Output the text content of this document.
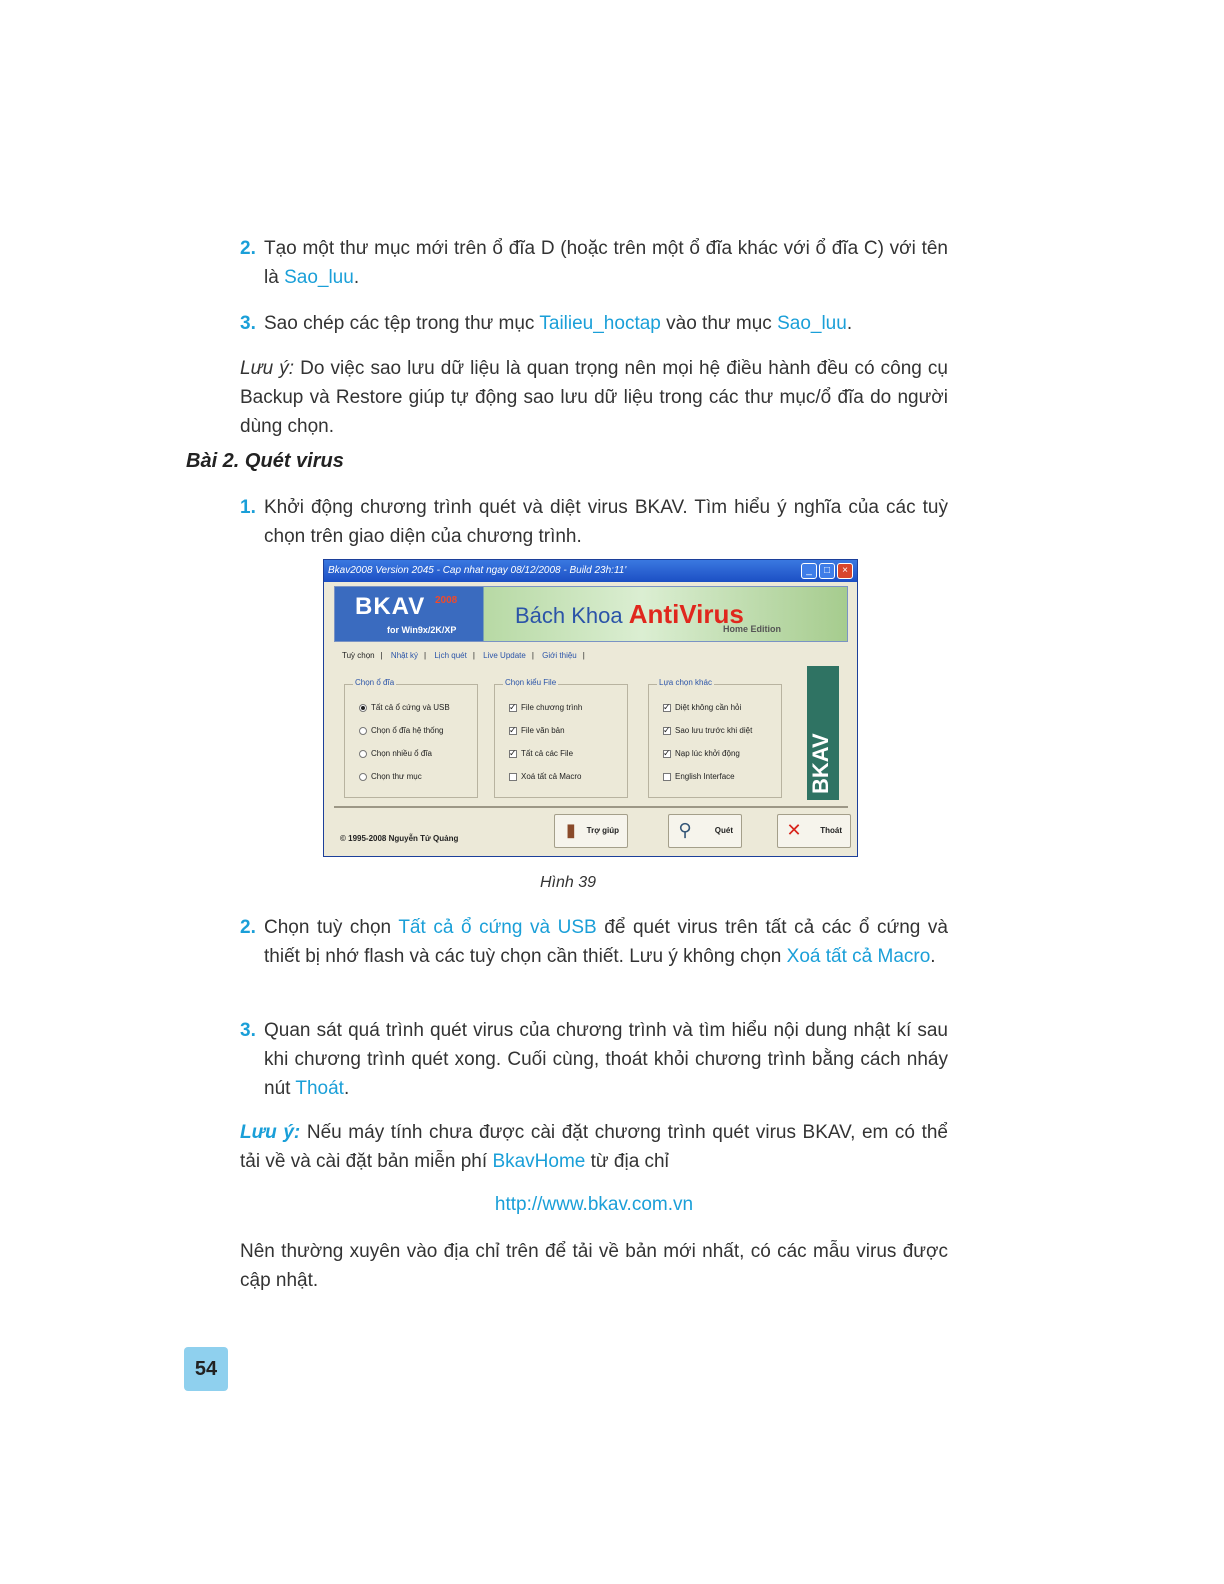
2. Tạo một thư mục mới trên ổ đĩa D (hoặc trên một ổ đĩa khác với ổ đĩa C) với tên là Sao_luu.
3. Sao chép các tệp trong thư mục Tailieu_hoctap vào thư mục Sao_luu.
Lưu ý: Do việc sao lưu dữ liệu là quan trọng nên mọi hệ điều hành đều có công cụ Backup và Restore giúp tự động sao lưu dữ liệu trong các thư mục/ổ đĩa do người dùng chọn.
Bài 2. Quét virus
1. Khởi động chương trình quét và diệt virus BKAV. Tìm hiểu ý nghĩa của các tuỳ chọn trên giao diện của chương trình.
Bkav2008 Version 2045 - Cap nhat ngay 08/12/2008 - Build 23h:11'	_	□	×
BKAV 2008
for Win9x/2K/XP
Bách Khoa AntiVirus
Home Edition
Tuỳ chọn | Nhật ký | Lịch quét | Live Update | Giới thiệu |
Chọn ổ đĩa
Tất cả ổ cứng và USB
Chọn ổ đĩa hệ thống
Chọn nhiều ổ đĩa
Chọn thư mục
Chọn kiểu File
✓File chương trình
✓File văn bản
✓Tất cả các File
Xoá tất cả Macro
Lựa chọn khác
✓Diệt không cần hỏi
✓Sao lưu trước khi diệt
✓Nạp lúc khởi động
English Interface	BKAV
© 1995-2008 Nguyễn Tử Quảng	▮	Trợ giúp	⚲	Quét	✕	Thoát
Hình 39
2. Chọn tuỳ chọn Tất cả ổ cứng và USB để quét virus trên tất cả các ổ cứng và thiết bị nhớ flash và các tuỳ chọn cần thiết. Lưu ý không chọn Xoá tất cả Macro.
3. Quan sát quá trình quét virus của chương trình và tìm hiểu nội dung nhật kí sau khi chương trình quét xong. Cuối cùng, thoát khỏi chương trình bằng cách nháy nút Thoát.
Lưu ý: Nếu máy tính chưa được cài đặt chương trình quét virus BKAV, em có thể tải về và cài đặt bản miễn phí BkavHome từ địa chỉ
http://www.bkav.com.vn
Nên thường xuyên vào địa chỉ trên để tải về bản mới nhất, có các mẫu virus được cập nhật.
54
